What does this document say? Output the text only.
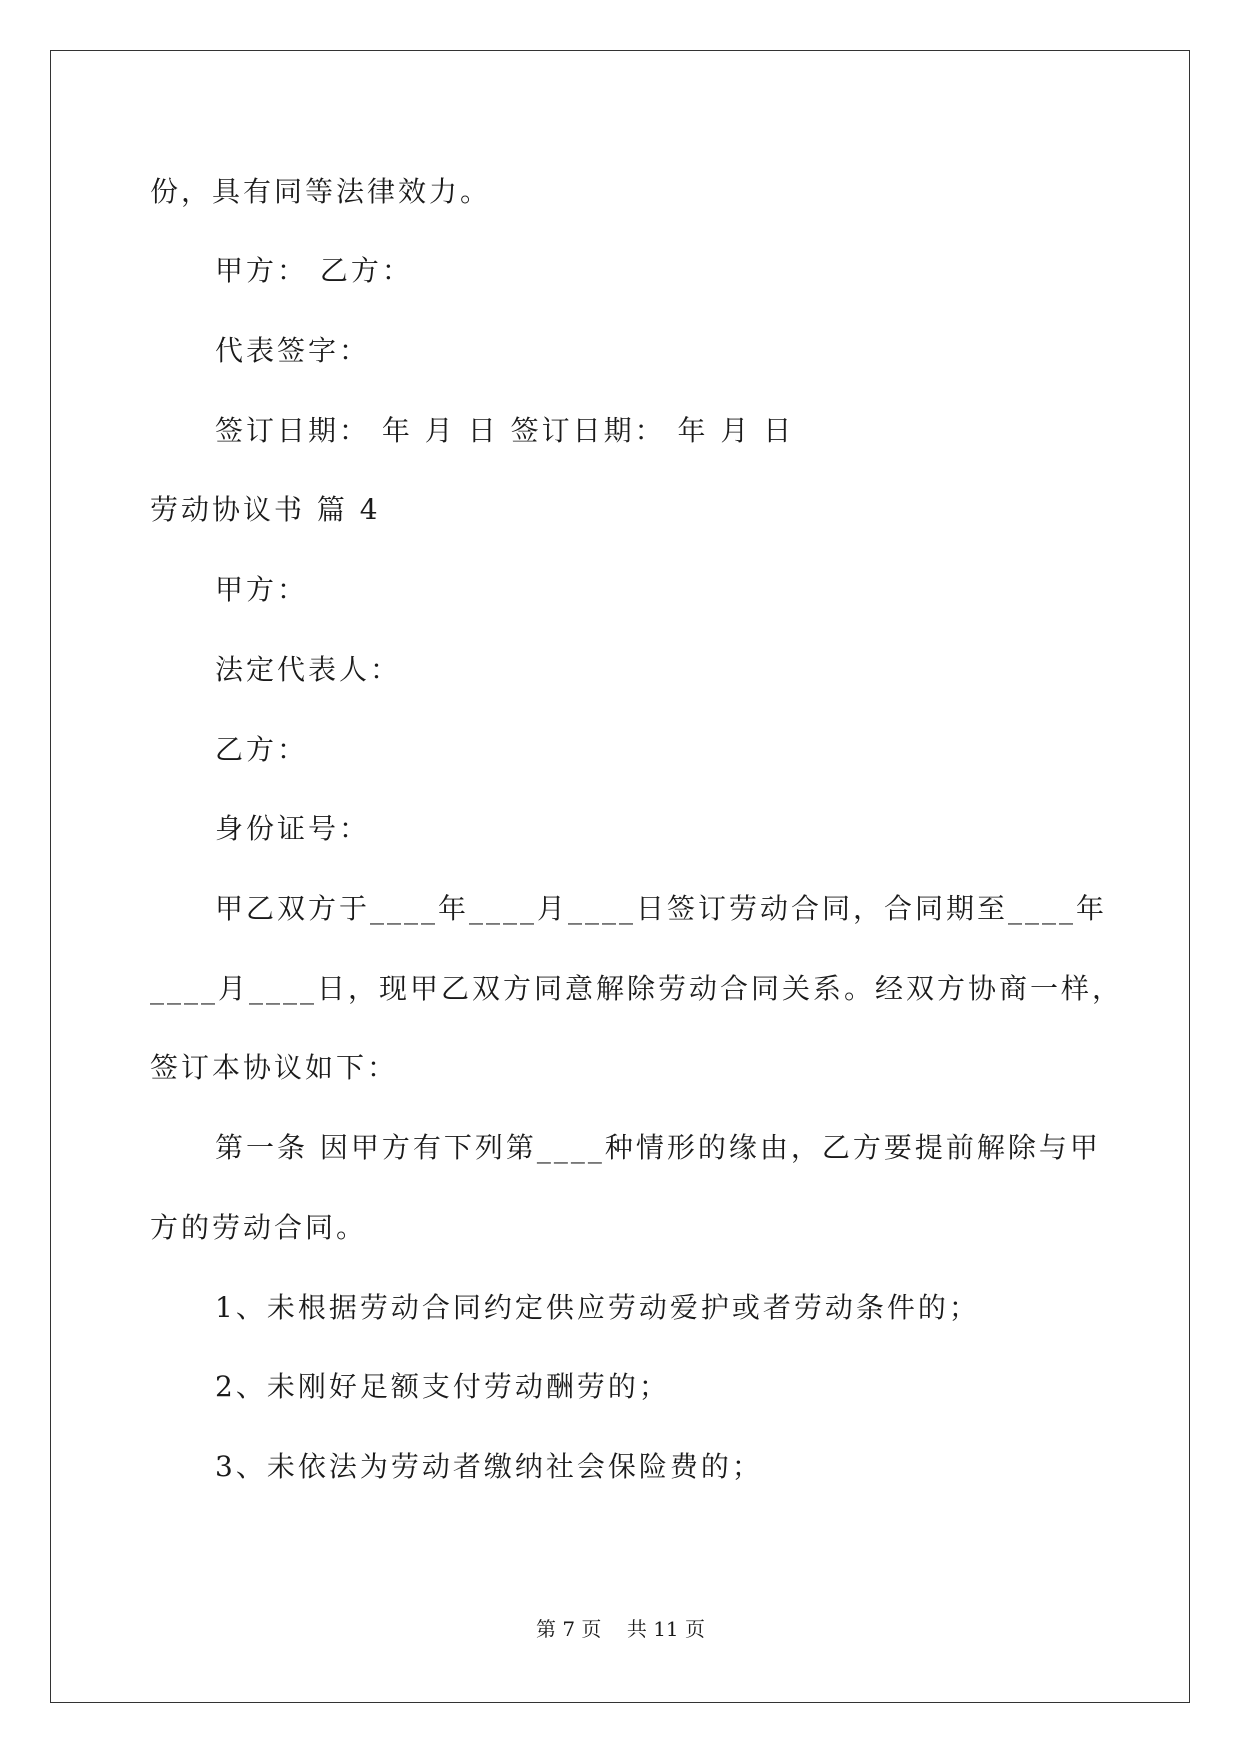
份，具有同等法律效力。
甲方： 乙方：
代表签字：
签订日期： 年 月 日 签订日期： 年 月 日
劳动协议书 篇 4
甲方：
法定代表人：
乙方：
身份证号：
甲乙双方于____年____月____日签订劳动合同，合同期至____年
____月____日，现甲乙双方同意解除劳动合同关系。经双方协商一样，
签订本协议如下：
第一条 因甲方有下列第____种情形的缘由，乙方要提前解除与甲
方的劳动合同。
1、未根据劳动合同约定供应劳动爱护或者劳动条件的；
2、未刚好足额支付劳动酬劳的；
3、未依法为劳动者缴纳社会保险费的；
第 7 页    共 11 页
